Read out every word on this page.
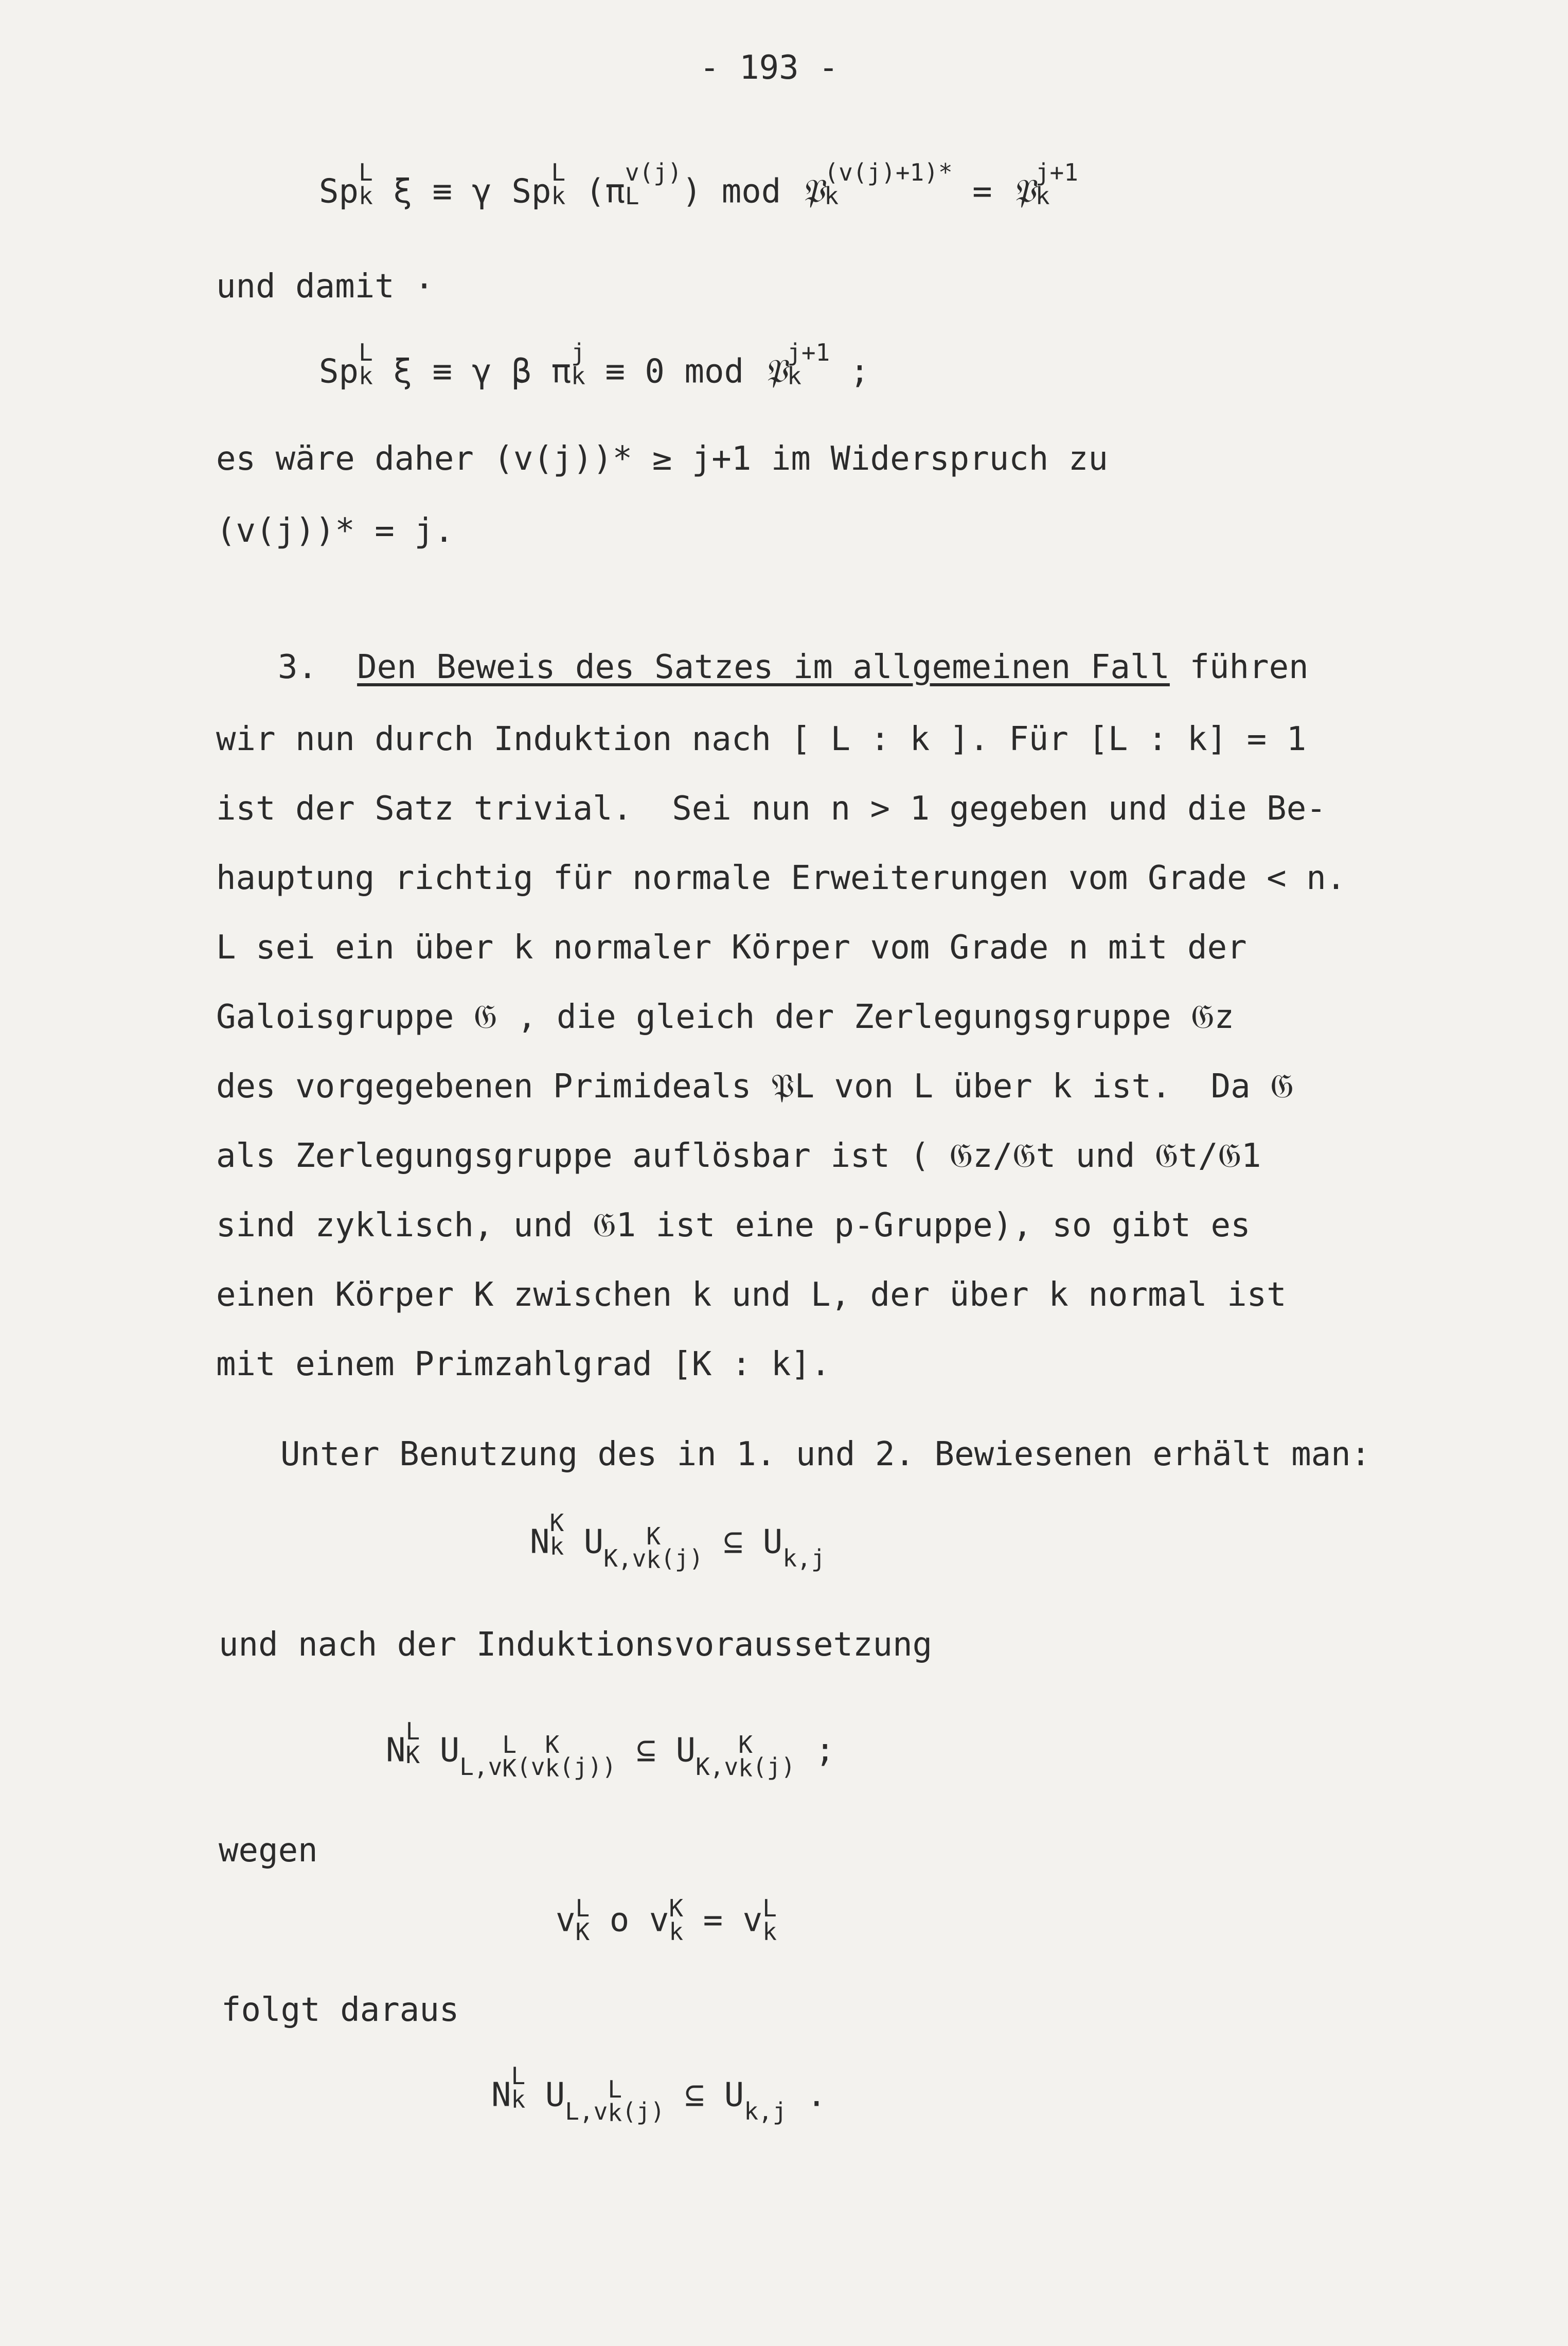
- 193 -
Sp
L
k ξ ≡ γ Sp
L
k (π
v(j)
L	) mod 𝔓
(v(j)+1)*
k	= 𝔓
j+1
k
und damit ·
Sp
L
k ξ ≡ γ β π
j
k ≡ 0 mod 𝔓
j+1
k ;
es wäre daher (v(j))* ≥ j+1 im Widerspruch zu
(v(j))* = j.
3. Den Beweis des Satzes im allgemeinen Fall führen
wir nun durch Induktion nach [ L : k ]. Für [L : k] = 1
ist der Satz trivial.  Sei nun n > 1 gegeben und die Be-
hauptung richtig für normale Erweiterungen vom Grade < n.
L sei ein über k normaler Körper vom Grade n mit der
Galoisgruppe 𝔊 , die gleich der Zerlegungsgruppe 𝔊z
des vorgegebenen Primideals 𝔓L von L über k ist.  Da 𝔊
als Zerlegungsgruppe auflösbar ist ( 𝔊z/𝔊t und 𝔊t/𝔊1
sind zyklisch, und 𝔊1 ist eine p-Gruppe), so gibt es
einen Körper K zwischen k und L, der über k normal ist
mit einem Primzahlgrad [K : k].
Unter Benutzung des in 1. und 2. Bewiesenen erhält man:
N
K
k $U_{K,v}$
K
k $_{(j)}$ ⊆ $U_{k,j}$
und nach der Induktionsvoraussetzung
N
L
K $U_{L,v}$
L
K $_{(v}$
K
k $_{(j))}$ ⊆ $U_{K,v}$
K
k $_{(j)}$ ;
wegen
v L
K o v K
k = v L
k
folgt daraus
N
L
k $U_{L,v}$
L
k $_{(j)}$ ⊆ $U_{k,j}$ .
